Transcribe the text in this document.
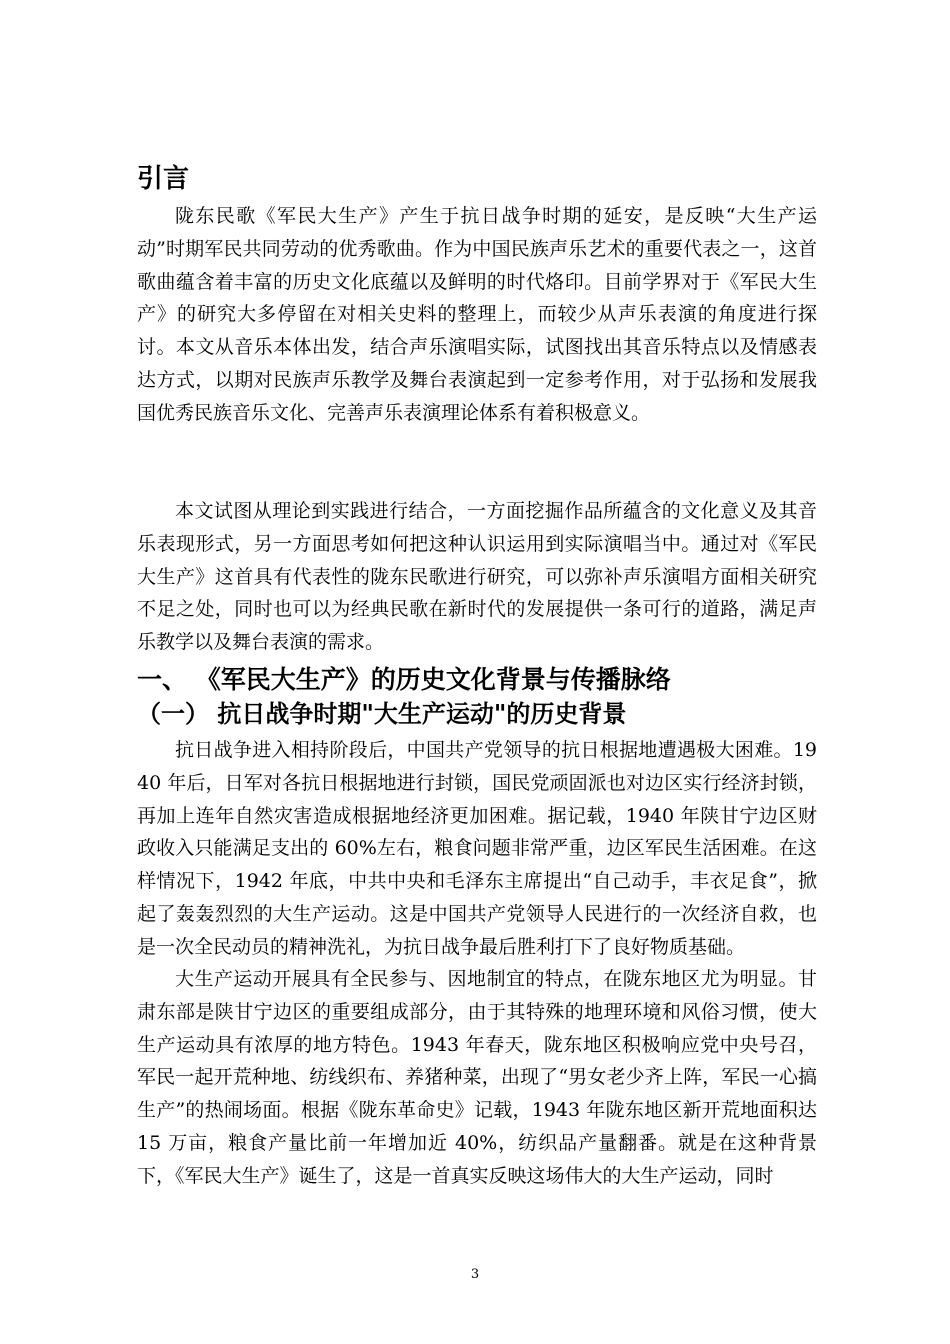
引言

陇东民歌《军民大生产》产生于抗日战争时期的延安，是反映“大生产运动”时期军民共同劳动的优秀歌曲。作为中国民族声乐艺术的重要代表之一，这首歌曲蕴含着丰富的历史文化底蕴以及鲜明的时代烙印。目前学界对于《军民大生产》的研究大多停留在对相关史料的整理上，而较少从声乐表演的角度进行探讨。本文从音乐本体出发，结合声乐演唱实际，试图找出其音乐特点以及情感表达方式，以期对民族声乐教学及舞台表演起到一定参考作用，对于弘扬和发展我国优秀民族音乐文化、完善声乐表演理论体系有着积极意义。

本文试图从理论到实践进行结合，一方面挖掘作品所蕴含的文化意义及其音乐表现形式，另一方面思考如何把这种认识运用到实际演唱当中。通过对《军民大生产》这首具有代表性的陇东民歌进行研究，可以弥补声乐演唱方面相关研究不足之处，同时也可以为经典民歌在新时代的发展提供一条可行的道路，满足声乐教学以及舞台表演的需求。

一、 《军民大生产》的历史文化背景与传播脉络
（一） 抗日战争时期"大生产运动"的历史背景

抗日战争进入相持阶段后，中国共产党领导的抗日根据地遭遇极大困难。1940 年后，日军对各抗日根据地进行封锁，国民党顽固派也对边区实行经济封锁，再加上连年自然灾害造成根据地经济更加困难。据记载，1940 年陕甘宁边区财政收入只能满足支出的 60%左右，粮食问题非常严重，边区军民生活困难。在这样情况下，1942 年底，中共中央和毛泽东主席提出“自己动手，丰衣足食”，掀起了轰轰烈烈的大生产运动。这是中国共产党领导人民进行的一次经济自救，也是一次全民动员的精神洗礼，为抗日战争最后胜利打下了良好物质基础。

大生产运动开展具有全民参与、因地制宜的特点，在陇东地区尤为明显。甘肃东部是陕甘宁边区的重要组成部分，由于其特殊的地理环境和风俗习惯，使大生产运动具有浓厚的地方特色。1943 年春天，陇东地区积极响应党中央号召，军民一起开荒种地、纺线织布、养猪种菜，出现了“男女老少齐上阵，军民一心搞生产”的热闹场面。根据《陇东革命史》记载，1943 年陇东地区新开荒地面积达 15 万亩，粮食产量比前一年增加近 40%，纺织品产量翻番。就是在这种背景下，《军民大生产》诞生了，这是一首真实反映这场伟大的大生产运动，同时

3
